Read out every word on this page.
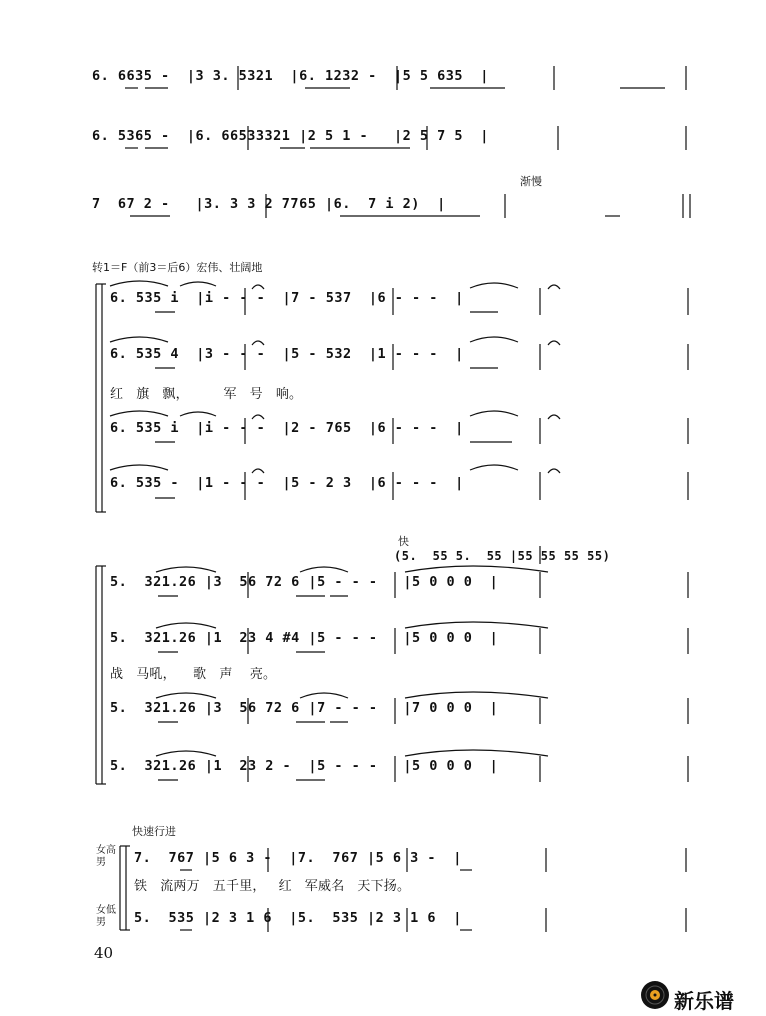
6. 6635 -  |3 3. 5321  |6. 1232 -  |5 5 635  |
6. 5365 -  |6. 66533321 |2 5 1 -   |2 5 7 5  |
渐慢
7  67 2 -   |3. 3 3 2 7765 |6.  7 i 2)  |
转1＝F（前3＝后6）宏伟、壮阔地
6. 535 i  |i - - -  |7 - 537  |6 - - -  |
6. 535 4  |3 - - -  |5 - 532  |1 - - -  |
红   旗   飘，        军   号   响。
6. 535 i  |i - - -  |2 - 765  |6 - - -  |
6. 535 -  |1 - - -  |5 - 2 3  |6 - - -  |
快
(5.  55 5.  55 |55 55 55 55)
5.  321.26 |3  56 72 6 |5 - - -   |5 0 0 0  |
5.  321.26 |1  23 4 #4 |5 - - -   |5 0 0 0  |
战   马吼，    歌   声    亮。
5.  321.26 |3  56 72 6 |7 - - -   |7 0 0 0  |
5.  321.26 |1  23 2 -  |5 - - -   |5 0 0 0  |
快速行进
女高
男
女低
男
7.  767 |5 6 3 -  |7.  767 |5 6 3 -  |
铁   流两万   五千里，   红   军威名   天下扬。
5.  535 |2 3 1 6  |5.  535 |2 3 1 6  |
40
新乐谱
